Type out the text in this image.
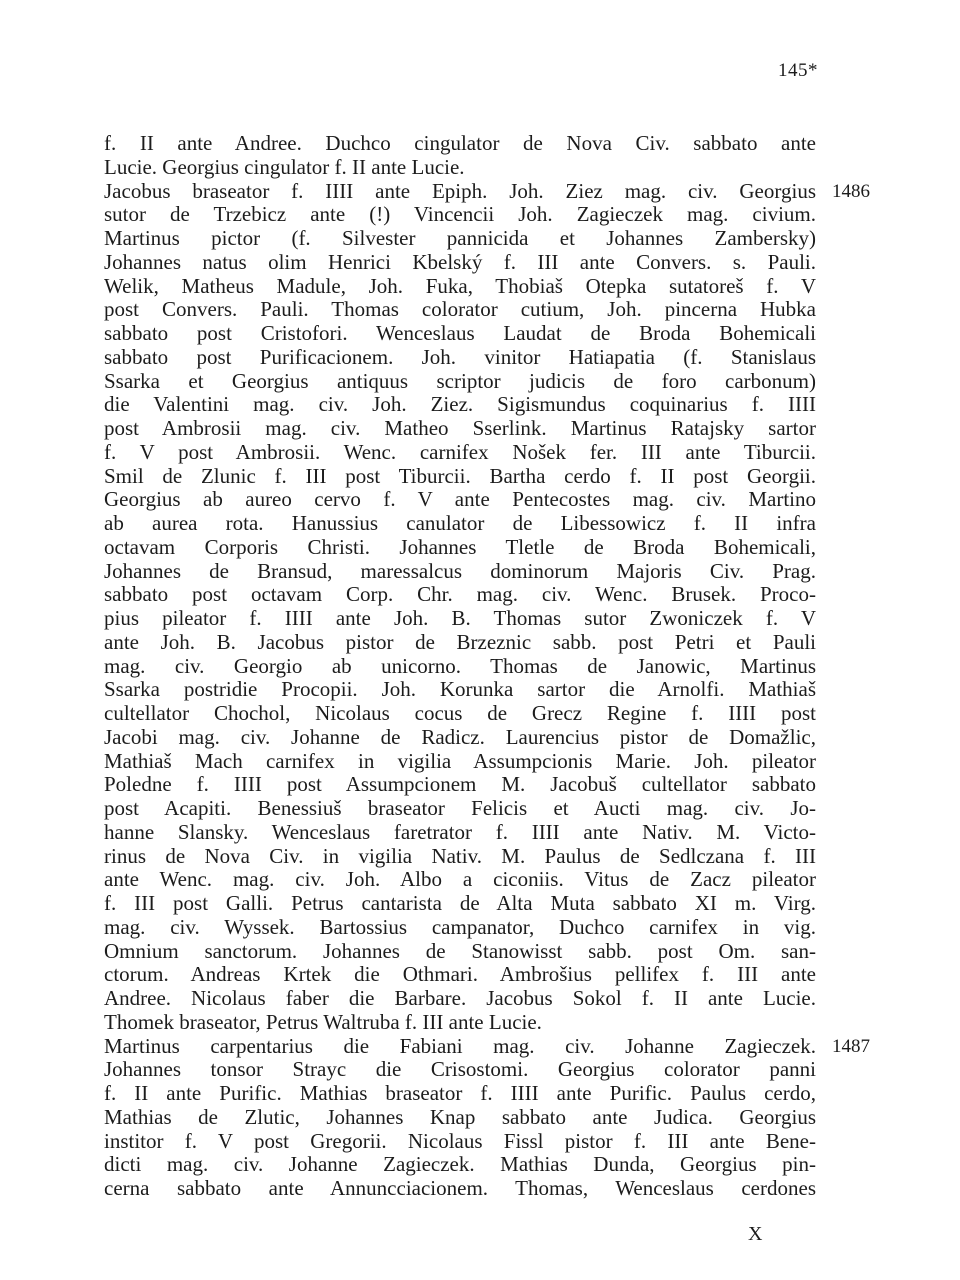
145*
f. II ante Andree. Duchco cingulator de Nova Civ. sabbato ante
Lucie. Georgius cingulator f. II ante Lucie.
Jacobus braseator f. IIII ante Epiph. Joh. Ziez mag. civ. Georgius
sutor de Trzebicz ante (!) Vincencii Joh. Zagieczek mag. civium.
Martinus pictor (f. Silvester pannicida et Johannes Zambersky)
Johannes natus olim Henrici Kbelský f. III ante Convers. s. Pauli.
Welik, Matheus Madule, Joh. Fuka, Thobiaš Otepka sutatoreš f. V
post Convers. Pauli. Thomas colorator cutium, Joh. pincerna Hubka
sabbato post Cristofori. Wenceslaus Laudat de Broda Bohemicali
sabbato post Purificacionem. Joh. vinitor Hatiapatia (f. Stanislaus
Ssarka et Georgius antiquus scriptor judicis de foro carbonum)
die Valentini mag. civ. Joh. Ziez. Sigismundus coquinarius f. IIII
post Ambrosii mag. civ. Matheo Sserlink. Martinus Ratajsky sartor
f. V post Ambrosii. Wenc. carnifex Nošek fer. III ante Tiburcii.
Smil de Zlunic f. III post Tiburcii. Bartha cerdo f. II post Georgii.
Georgius ab aureo cervo f. V ante Pentecostes mag. civ. Martino
ab aurea rota. Hanussius canulator de Libessowicz f. II infra
octavam Corporis Christi. Johannes Tletle de Broda Bohemicali,
Johannes de Bransud, maressalcus dominorum Majoris Civ. Prag.
sabbato post octavam Corp. Chr. mag. civ. Wenc. Brusek. Proco-
pius pileator f. IIII ante Joh. B. Thomas sutor Zwoniczek f. V
ante Joh. B. Jacobus pistor de Brzeznic sabb. post Petri et Pauli
mag. civ. Georgio ab unicorno. Thomas de Janowic, Martinus
Ssarka postridie Procopii. Joh. Korunka sartor die Arnolfi. Mathiaš
cultellator Chochol, Nicolaus cocus de Grecz Regine f. IIII post
Jacobi mag. civ. Johanne de Radicz. Laurencius pistor de Domažlic,
Mathiaš Mach carnifex in vigilia Assumpcionis Marie. Joh. pileator
Poledne f. IIII post Assumpcionem M. Jacobuš cultellator sabbato
post Acapiti. Benessiuš braseator Felicis et Aucti mag. civ. Jo-
hanne Slansky. Wenceslaus faretrator f. IIII ante Nativ. M. Victo-
rinus de Nova Civ. in vigilia Nativ. M. Paulus de Sedlczana f. III
ante Wenc. mag. civ. Joh. Albo a ciconiis. Vitus de Zacz pileator
f. III post Galli. Petrus cantarista de Alta Muta sabbato XI m. Virg.
mag. civ. Wyssek. Bartossius campanator, Duchco carnifex in vig.
Omnium sanctorum. Johannes de Stanowisst sabb. post Om. san-
ctorum. Andreas Krtek die Othmari. Ambrošius pellifex f. III ante
Andree. Nicolaus faber die Barbare. Jacobus Sokol f. II ante Lucie.
Thomek braseator, Petrus Waltruba f. III ante Lucie.
Martinus carpentarius die Fabiani mag. civ. Johanne Zagieczek.
Johannes tonsor Strayc die Crisostomi. Georgius colorator panni
f. II ante Purific. Mathias braseator f. IIII ante Purific. Paulus cerdo,
Mathias de Zlutic, Johannes Knap sabbato ante Judica. Georgius
institor f. V post Gregorii. Nicolaus Fissl pistor f. III ante Bene-
dicti mag. civ. Johanne Zagieczek. Mathias Dunda, Georgius pin-
cerna sabbato ante Annuncciacionem. Thomas, Wenceslaus cerdones
1486
1487
X
